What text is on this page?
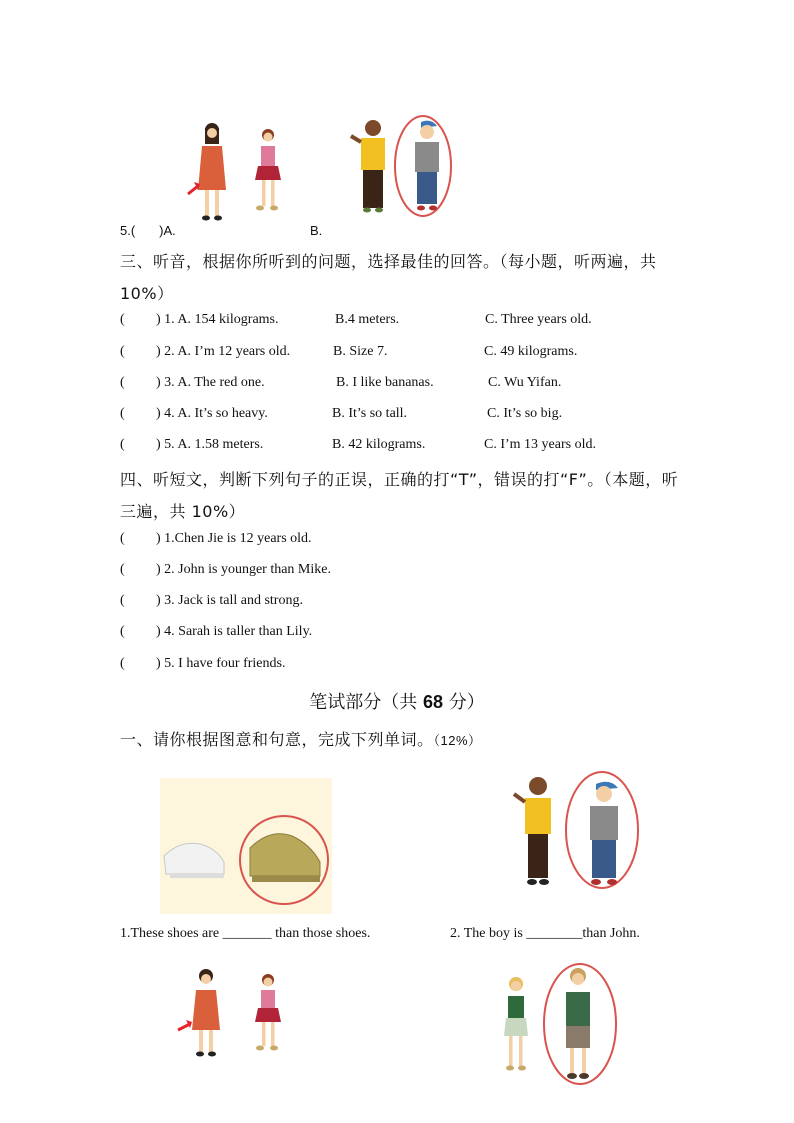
5.( )A.	B.
三、听音，根据你所听到的问题，选择最佳的回答。（每小题，听两遍，共
10%）
(	) 1. A. 154 kilograms.	B.4 meters.	C. Three years old.
(	) 2. A. I’m 12 years old.	B. Size 7.	C. 49 kilograms.
(	) 3. A. The red one.	B. I like bananas.	C. Wu Yifan.
(	) 4. A. It’s so heavy.	B. It’s so tall.	C. It’s so big.
(	) 5. A. 1.58 meters.	B. 42 kilograms.	C. I’m 13 years old.
四、听短文，判断下列句子的正误，正确的打“T”，错误的打“F”。（本题，听
三遍，共 10%）
(	) 1.Chen Jie is 12 years old.
(	) 2. John is younger than Mike.
(	) 3. Jack is tall and strong.
(	) 4. Sarah is taller than Lily.
(	) 5. I have four friends.
笔试部分（共 68 分）
一、请你根据图意和句意，完成下列单词。（12%）
1.These shoes are _______ than those shoes.	2. The boy is ________than John.
